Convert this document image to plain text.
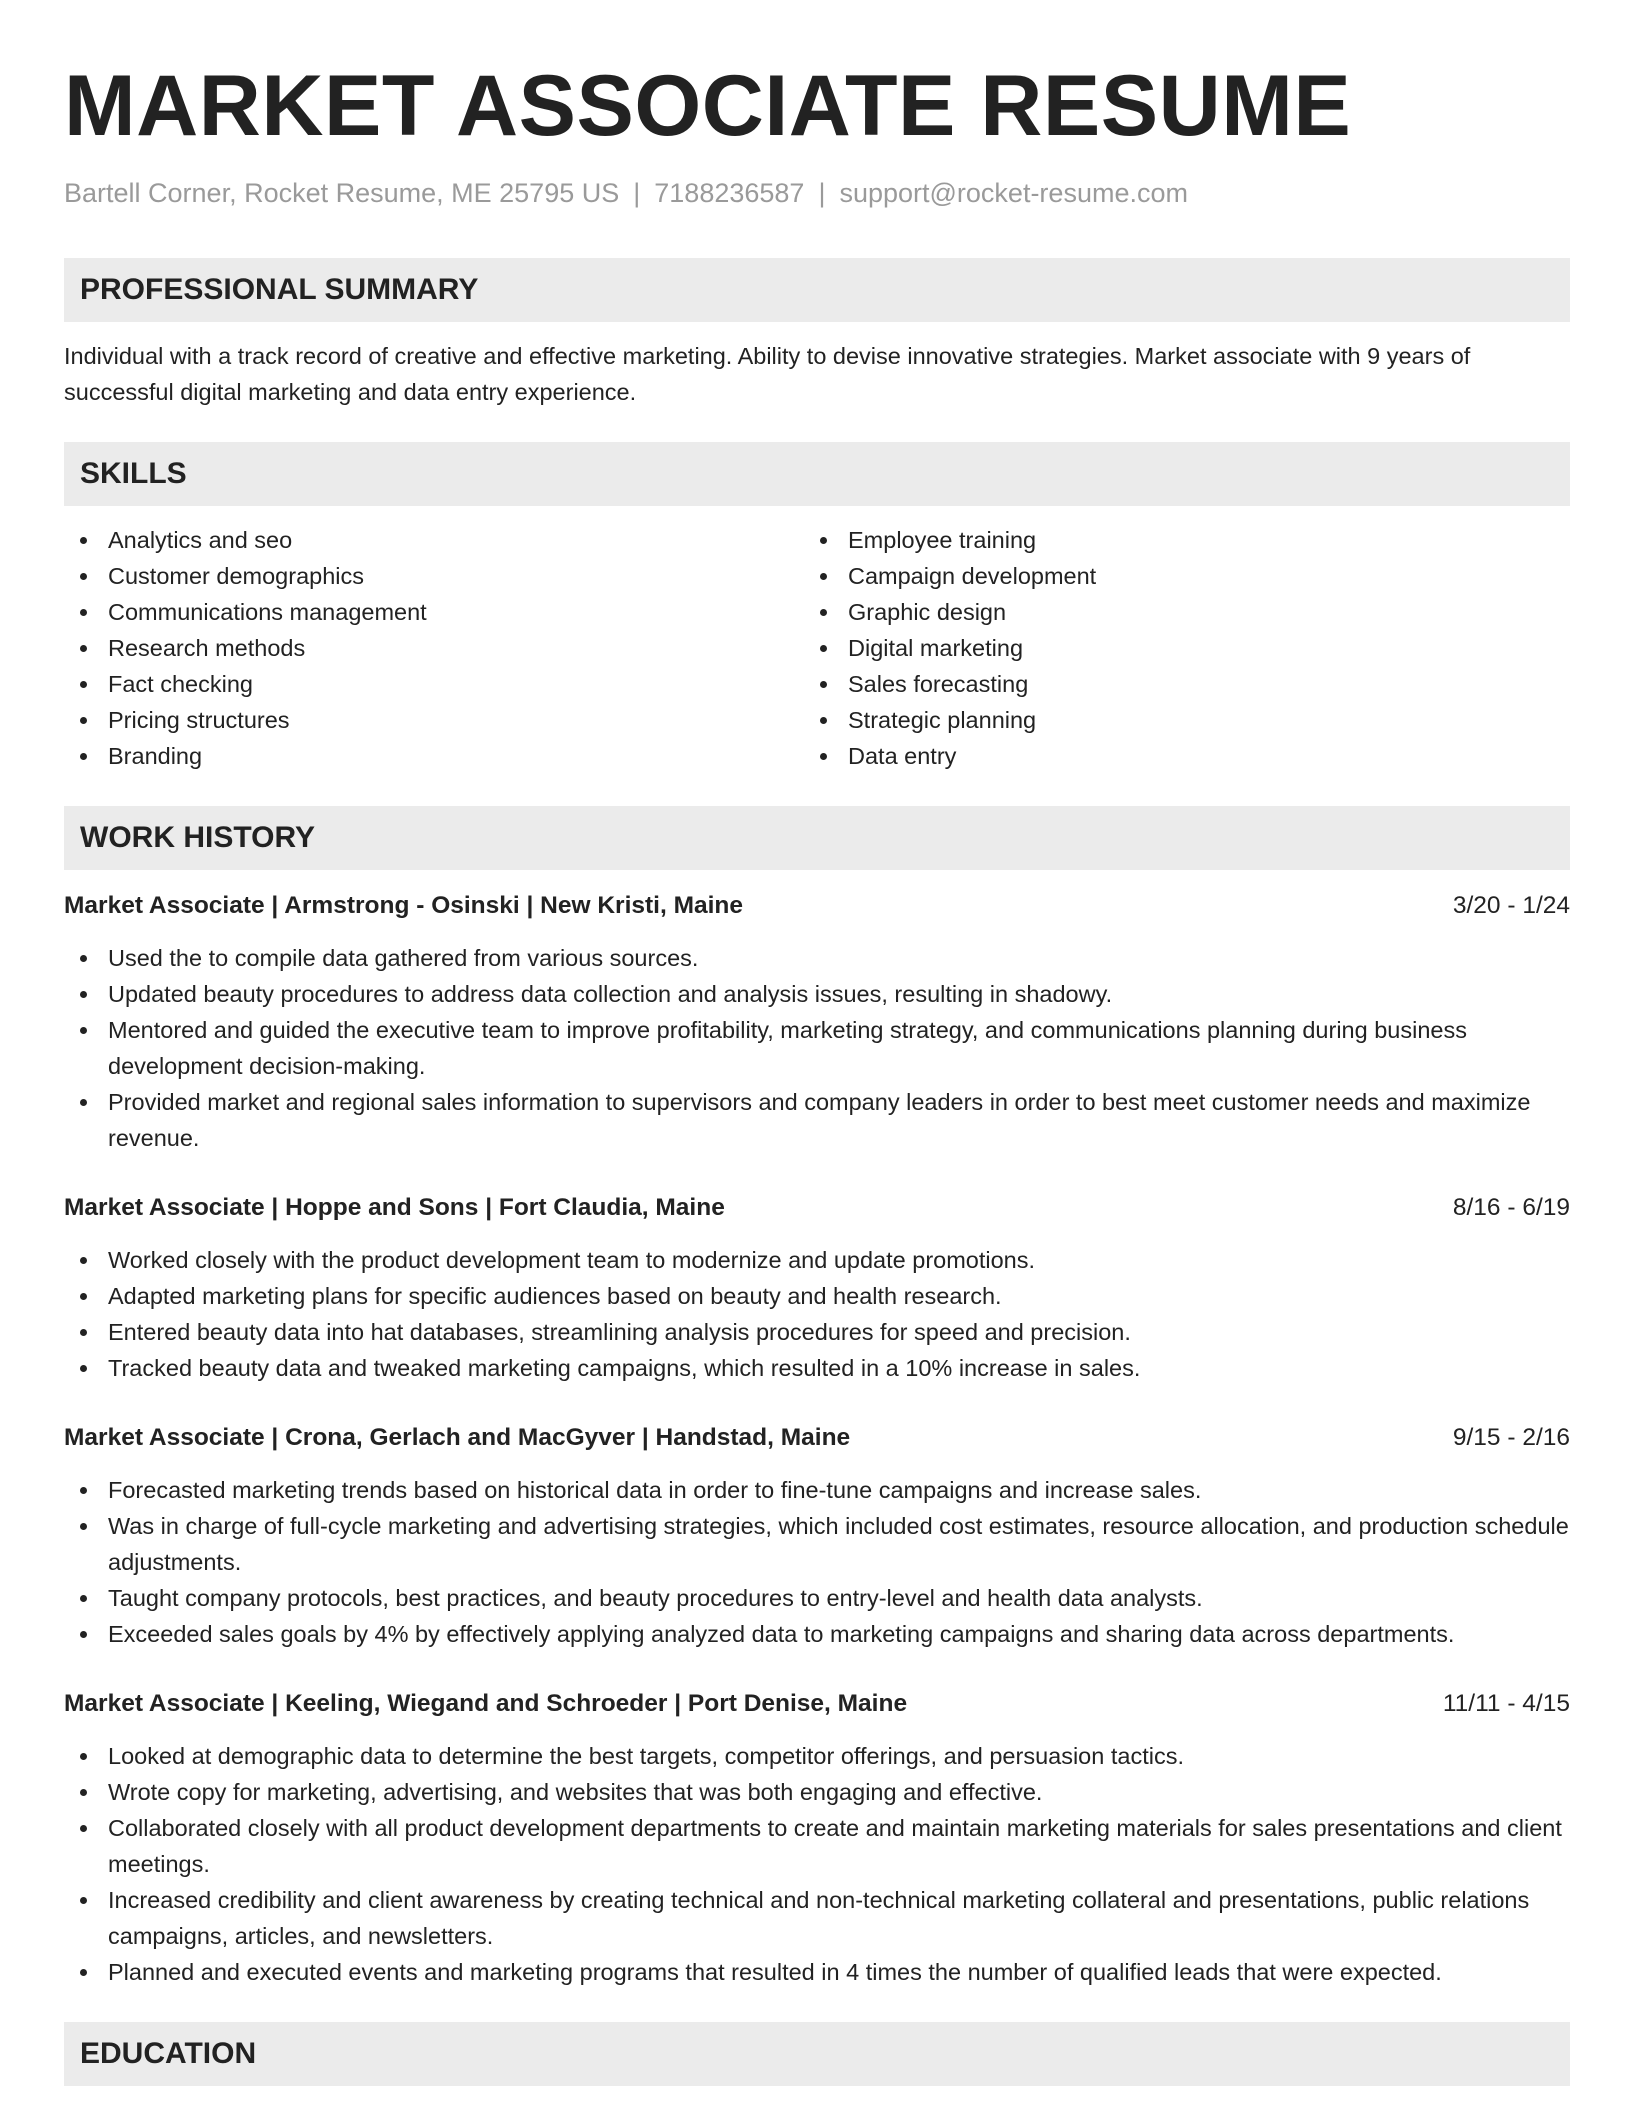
MARKET ASSOCIATE RESUME
Bartell Corner, Rocket Resume, ME 25795 US | 7188236587 | support@rocket-resume.com
PROFESSIONAL SUMMARY

Individual with a track record of creative and effective marketing. Ability to devise innovative strategies. Market associate with 9 years of successful digital marketing and data entry experience.

SKILLS
Analytics and seo
Customer demographics
Communications management
Research methods
Fact checking
Pricing structures
Branding
Employee training
Campaign development
Graphic design
Digital marketing
Sales forecasting
Strategic planning
Data entry
WORK HISTORY
Market Associate | Armstrong - Osinski | New Kristi, Maine	3/20 - 1/24
Used the to compile data gathered from various sources.
Updated beauty procedures to address data collection and analysis issues, resulting in shadowy.
Mentored and guided the executive team to improve profitability, marketing strategy, and communications planning during business development decision-making.
Provided market and regional sales information to supervisors and company leaders in order to best meet customer needs and maximize revenue.
Market Associate | Hoppe and Sons | Fort Claudia, Maine	8/16 - 6/19
Worked closely with the product development team to modernize and update promotions.
Adapted marketing plans for specific audiences based on beauty and health research.
Entered beauty data into hat databases, streamlining analysis procedures for speed and precision.
Tracked beauty data and tweaked marketing campaigns, which resulted in a 10% increase in sales.
Market Associate | Crona, Gerlach and MacGyver | Handstad, Maine	9/15 - 2/16
Forecasted marketing trends based on historical data in order to fine-tune campaigns and increase sales.
Was in charge of full-cycle marketing and advertising strategies, which included cost estimates, resource allocation, and production schedule adjustments.
Taught company protocols, best practices, and beauty procedures to entry-level and health data analysts.
Exceeded sales goals by 4% by effectively applying analyzed data to marketing campaigns and sharing data across departments.
Market Associate | Keeling, Wiegand and Schroeder | Port Denise, Maine	11/11 - 4/15
Looked at demographic data to determine the best targets, competitor offerings, and persuasion tactics.
Wrote copy for marketing, advertising, and websites that was both engaging and effective.
Collaborated closely with all product development departments to create and maintain marketing materials for sales presentations and client meetings.
Increased credibility and client awareness by creating technical and non-technical marketing collateral and presentations, public relations campaigns, articles, and newsletters.
Planned and executed events and marketing programs that resulted in 4 times the number of qualified leads that were expected.
EDUCATION
